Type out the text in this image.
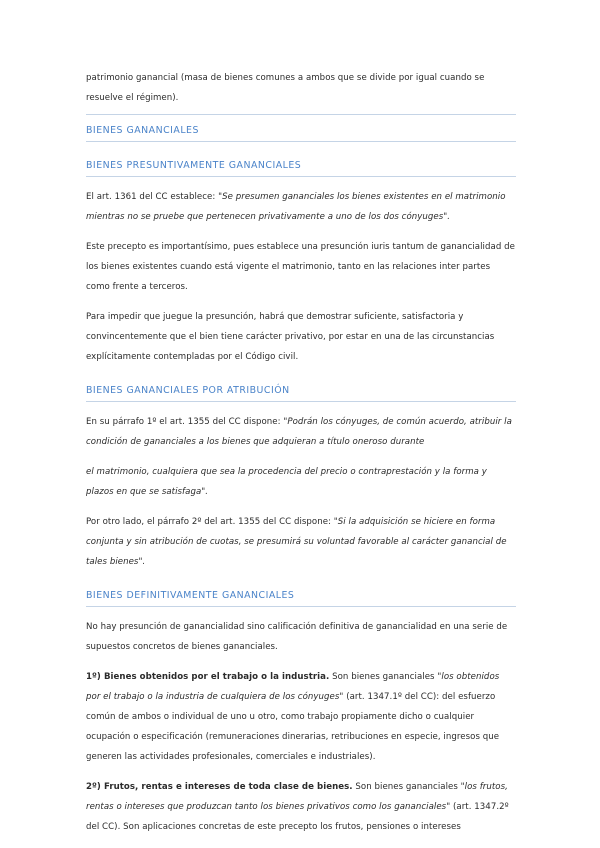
patrimonio ganancial (masa de bienes comunes a ambos que se divide por igual cuando se resuelve el régimen).

BIENES GANANCIALES
BIENES PRESUNTIVAMENTE GANANCIALES

El art. 1361 del CC establece: "Se presumen gananciales los bienes existentes en el matrimonio mientras no se pruebe que pertenecen privativamente a uno de los dos cónyuges".

Este precepto es importantísimo, pues establece una presunción iuris tantum de ganancialidad de los bienes existentes cuando está vigente el matrimonio, tanto en las relaciones inter partes como frente a terceros.

Para impedir que juegue la presunción, habrá que demostrar suficiente, satisfactoria y convincentemente que el bien tiene carácter privativo, por estar en una de las circunstancias explícitamente contempladas por el Código civil.

BIENES GANANCIALES POR ATRIBUCIÓN

En su párrafo 1º el art. 1355 del CC dispone: "Podrán los cónyuges, de común acuerdo, atribuir la condición de gananciales a los bienes que adquieran a título oneroso durante

el matrimonio, cualquiera que sea la procedencia del precio o contraprestación y la forma y plazos en que se satisfaga".

Por otro lado, el párrafo 2º del art. 1355 del CC dispone: "Si la adquisición se hiciere en forma conjunta y sin atribución de cuotas, se presumirá su voluntad favorable al carácter ganancial de tales bienes".

BIENES DEFINITIVAMENTE GANANCIALES

No hay presunción de ganancialidad sino calificación definitiva de ganancialidad en una serie de supuestos concretos de bienes gananciales.

1º) Bienes obtenidos por el trabajo o la industria. Son bienes gananciales "los obtenidos por el trabajo o la industria de cualquiera de los cónyuges" (art. 1347.1º del CC): del esfuerzo común de ambos o individual de uno u otro, como trabajo propiamente dicho o cualquier ocupación o especificación (remuneraciones dinerarias, retribuciones en especie, ingresos que generen las actividades profesionales, comerciales e industriales).

2º) Frutos, rentas e intereses de toda clase de bienes. Son bienes gananciales "los frutos, rentas o intereses que produzcan tanto los bienes privativos como los gananciales" (art. 1347.2º del CC). Son aplicaciones concretas de este precepto los frutos, pensiones o intereses
